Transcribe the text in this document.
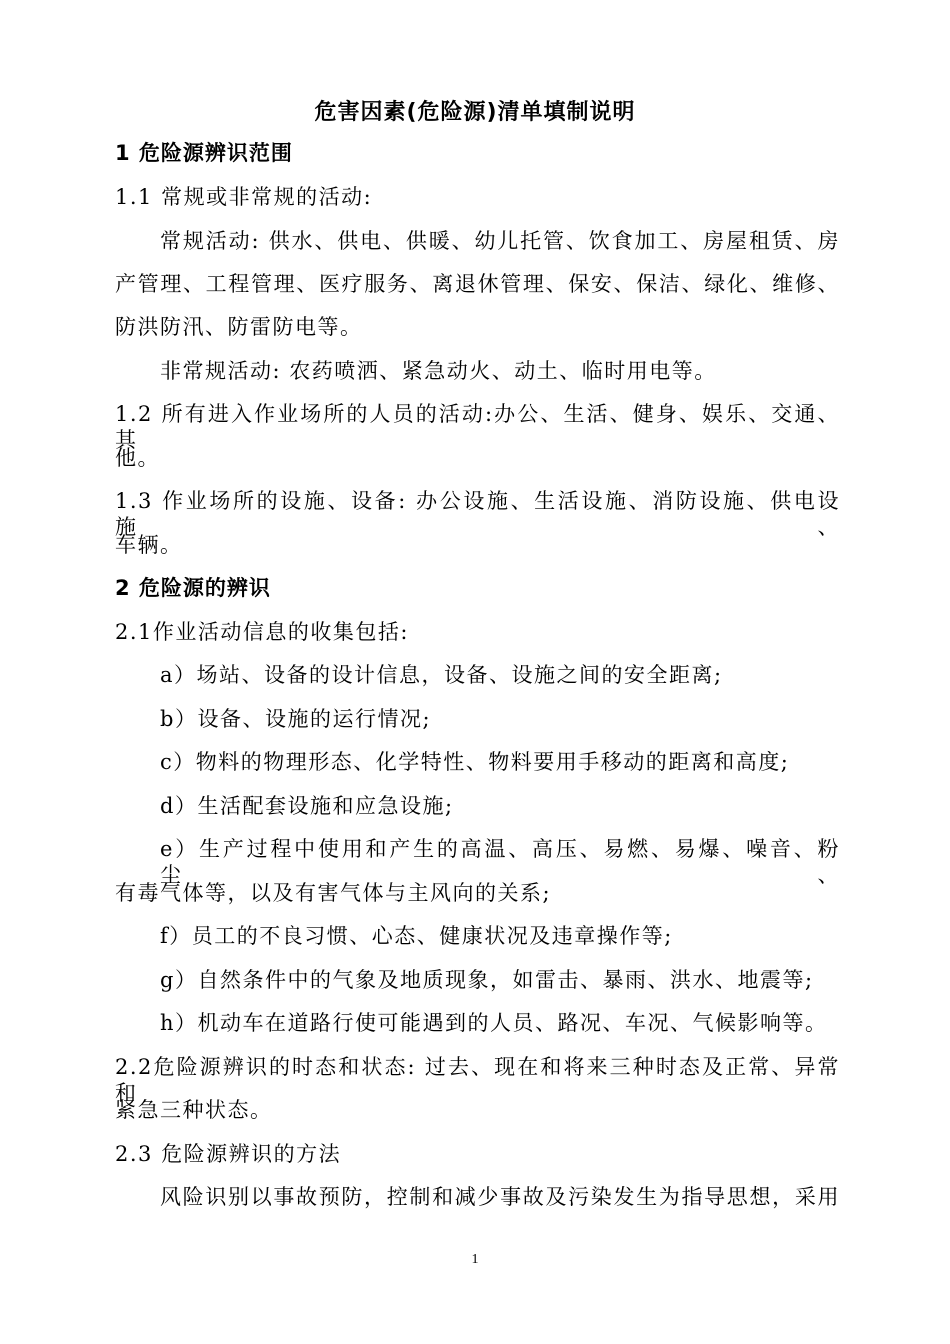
危害因素(危险源)清单填制说明
1 危险源辨识范围
1.1 常规或非常规的活动:
常规活动: 供水、供电、供暖、幼儿托管、饮食加工、房屋租赁、房
产管理、工程管理、医疗服务、离退休管理、保安、保洁、绿化、维修、
防洪防汛、防雷防电等。
非常规活动: 农药喷洒、紧急动火、动土、临时用电等。
1.2 所有进入作业场所的人员的活动:办公、生活、健身、娱乐、交通、其
他。
1.3 作业场所的设施、设备: 办公设施、生活设施、消防设施、供电设施、
车辆。
2 危险源的辨识
2.1作业活动信息的收集包括:
a）场站、设备的设计信息，设备、设施之间的安全距离;
b）设备、设施的运行情况;
c）物料的物理形态、化学特性、物料要用手移动的距离和高度;
d）生活配套设施和应急设施;
e）生产过程中使用和产生的高温、高压、易燃、易爆、噪音、粉尘、
有毒气体等，以及有害气体与主风向的关系;
f）员工的不良习惯、心态、健康状况及违章操作等;
g）自然条件中的气象及地质现象，如雷击、暴雨、洪水、地震等;
h）机动车在道路行使可能遇到的人员、路况、车况、气候影响等。
2.2危险源辨识的时态和状态: 过去、现在和将来三种时态及正常、异常和
紧急三种状态。
2.3 危险源辨识的方法
风险识别以事故预防，控制和减少事故及污染发生为指导思想，采用
1
